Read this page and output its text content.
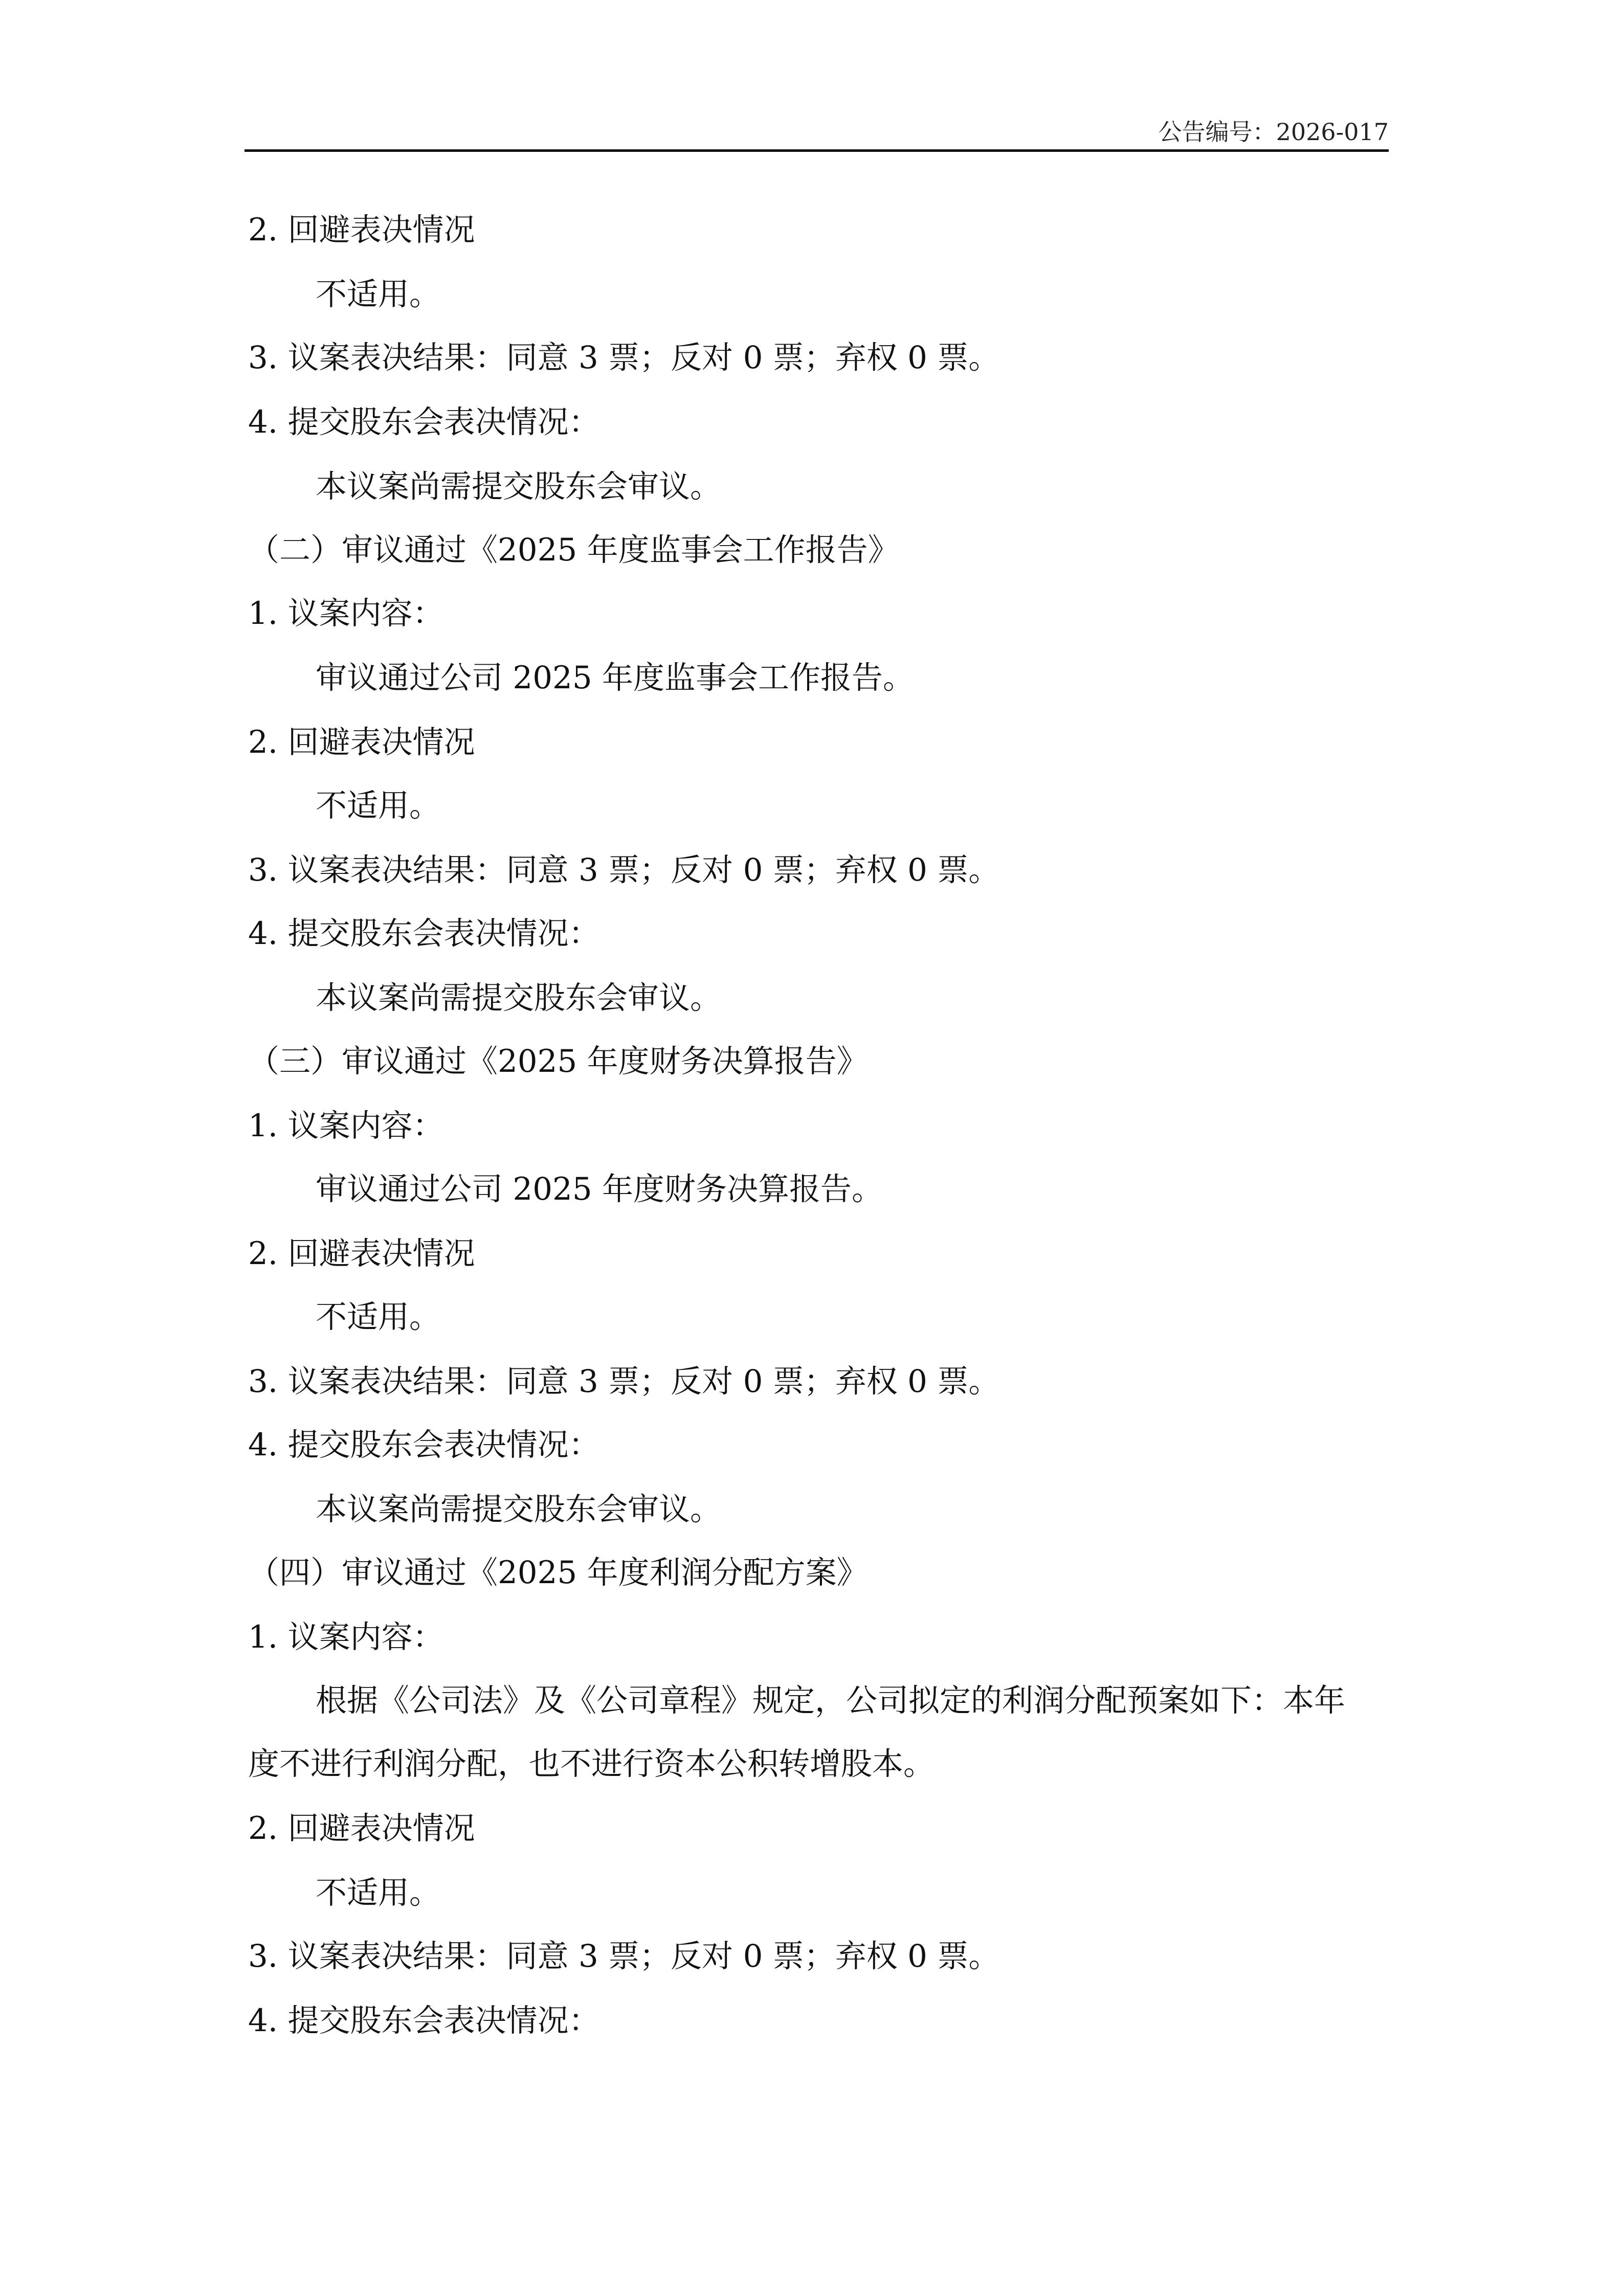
公告编号：2026-017
2. 回避表决情况
不适用。
3. 议案表决结果：同意 3 票；反对 0 票；弃权 0 票。
4. 提交股东会表决情况：
本议案尚需提交股东会审议。
（二）审议通过《2025 年度监事会工作报告》
1. 议案内容：
审议通过公司 2025 年度监事会工作报告。
2. 回避表决情况
不适用。
3. 议案表决结果：同意 3 票；反对 0 票；弃权 0 票。
4. 提交股东会表决情况：
本议案尚需提交股东会审议。
（三）审议通过《2025 年度财务决算报告》
1. 议案内容：
审议通过公司 2025 年度财务决算报告。
2. 回避表决情况
不适用。
3. 议案表决结果：同意 3 票；反对 0 票；弃权 0 票。
4. 提交股东会表决情况：
本议案尚需提交股东会审议。
（四）审议通过《2025 年度利润分配方案》
1. 议案内容：
根据《公司法》及《公司章程》规定，公司拟定的利润分配预案如下：本年
度不进行利润分配，也不进行资本公积转增股本。
2. 回避表决情况
不适用。
3. 议案表决结果：同意 3 票；反对 0 票；弃权 0 票。
4. 提交股东会表决情况：
